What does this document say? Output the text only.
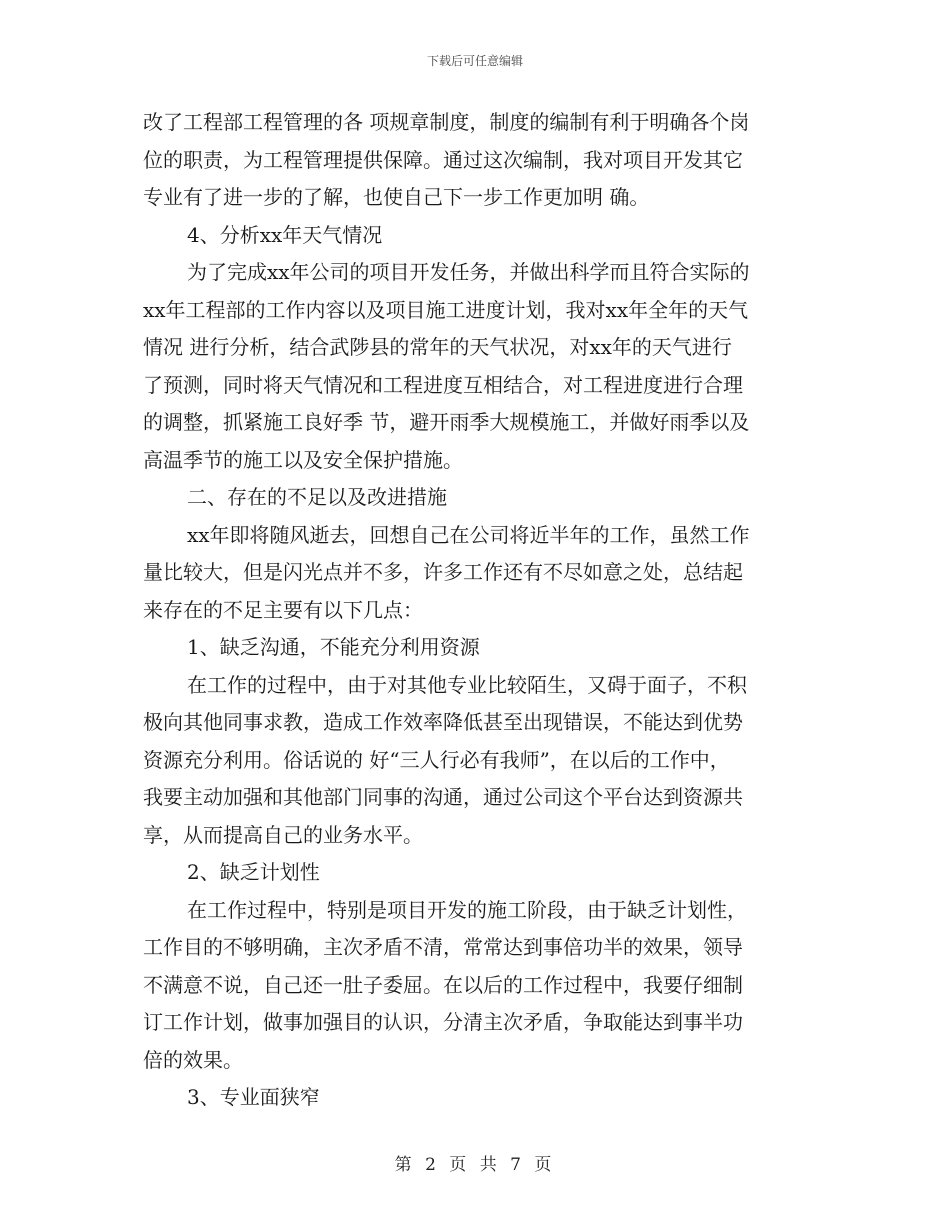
下载后可任意编辑
改了工程部工程管理的各 项规章制度，制度的编制有利于明确各个岗
位的职责，为工程管理提供保障。通过这次编制，我对项目开发其它
专业有了进一步的了解，也使自己下一步工作更加明 确。
4、分析xx年天气情况
为了完成xx年公司的项目开发任务，并做出科学而且符合实际的
xx年工程部的工作内容以及项目施工进度计划，我对xx年全年的天气
情况 进行分析，结合武陟县的常年的天气状况，对xx年的天气进行
了预测，同时将天气情况和工程进度互相结合，对工程进度进行合理
的调整，抓紧施工良好季 节，避开雨季大规模施工，并做好雨季以及
高温季节的施工以及安全保护措施。
二、存在的不足以及改进措施
xx年即将随风逝去，回想自己在公司将近半年的工作，虽然工作
量比较大，但是闪光点并不多，许多工作还有不尽如意之处，总结起
来存在的不足主要有以下几点：
1、缺乏沟通，不能充分利用资源
在工作的过程中，由于对其他专业比较陌生，又碍于面子，不积
极向其他同事求教，造成工作效率降低甚至出现错误，不能达到优势
资源充分利用。俗话说的 好“三人行必有我师”，在以后的工作中，
我要主动加强和其他部门同事的沟通，通过公司这个平台达到资源共
享，从而提高自己的业务水平。
2、缺乏计划性
在工作过程中，特别是项目开发的施工阶段，由于缺乏计划性，
工作目的不够明确，主次矛盾不清，常常达到事倍功半的效果，领导
不满意不说，自己还一肚子委屈。在以后的工作过程中，我要仔细制
订工作计划，做事加强目的认识，分清主次矛盾，争取能达到事半功
倍的效果。
3、专业面狭窄
第 2 页 共 7 页
